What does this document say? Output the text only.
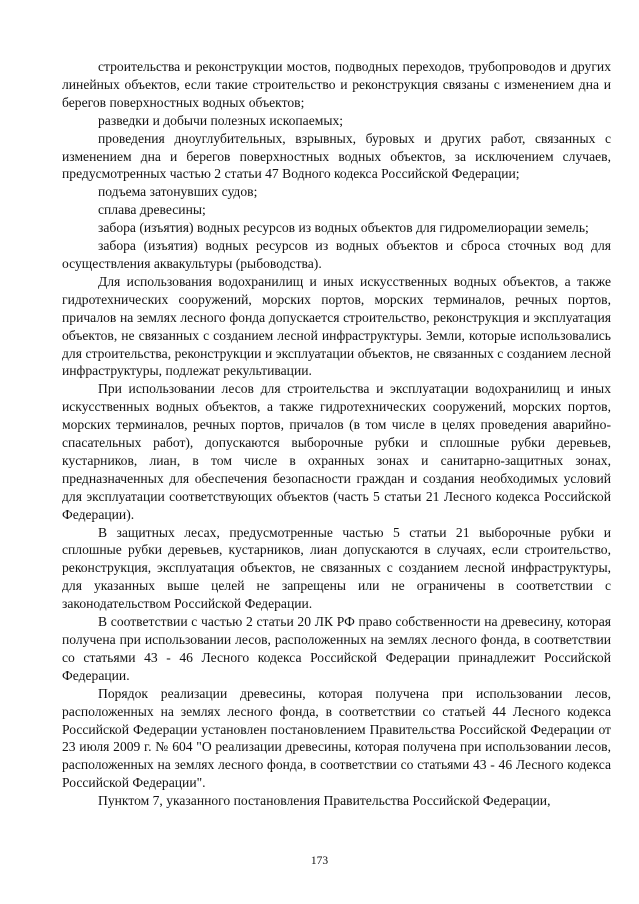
строительства и реконструкции мостов, подводных переходов, трубопроводов и других линейных объектов, если такие строительство и реконструкция связаны с изменением дна и берегов поверхностных водных объектов;

разведки и добычи полезных ископаемых;

проведения дноуглубительных, взрывных, буровых и других работ, связанных с изменением дна и берегов поверхностных водных объектов, за исключением случаев, предусмотренных частью 2 статьи 47 Водного кодекса Российской Федерации;

подъема затонувших судов;

сплава древесины;

забора (изъятия) водных ресурсов из водных объектов для гидромелиорации земель;

забора (изъятия) водных ресурсов из водных объектов и сброса сточных вод для осуществления аквакультуры (рыбоводства).

Для использования водохранилищ и иных искусственных водных объектов, а также гидротехнических сооружений, морских портов, морских терминалов, речных портов, причалов на землях лесного фонда допускается строительство, реконструкция и эксплуатация объектов, не связанных с созданием лесной инфраструктуры. Земли, которые использовались для строительства, реконструкции и эксплуатации объектов, не связанных с созданием лесной инфраструктуры, подлежат рекультивации.

При использовании лесов для строительства и эксплуатации водохранилищ и иных искусственных водных объектов, а также гидротехнических сооружений, морских портов, морских терминалов, речных портов, причалов (в том числе в целях проведения аварийно-спасательных работ), допускаются выборочные рубки и сплошные рубки деревьев, кустарников, лиан, в том числе в охранных зонах и санитарно-защитных зонах, предназначенных для обеспечения безопасности граждан и создания необходимых условий для эксплуатации соответствующих объектов (часть 5 статьи 21 Лесного кодекса Российской Федерации).

В защитных лесах, предусмотренные частью 5 статьи 21 выборочные рубки и сплошные рубки деревьев, кустарников, лиан допускаются в случаях, если строительство, реконструкция, эксплуатация объектов, не связанных с созданием лесной инфраструктуры, для указанных выше целей не запрещены или не ограничены в соответствии с законодательством Российской Федерации.

В соответствии с частью 2 статьи 20 ЛК РФ право собственности на древесину, которая получена при использовании лесов, расположенных на землях лесного фонда, в соответствии со статьями 43 - 46 Лесного кодекса Российской Федерации принадлежит Российской Федерации.

Порядок реализации древесины, которая получена при использовании лесов, расположенных на землях лесного фонда, в соответствии со статьей 44 Лесного кодекса Российской Федерации установлен постановлением Правительства Российской Федерации от 23 июля 2009 г. № 604 "О реализации древесины, которая получена при использовании лесов, расположенных на землях лесного фонда, в соответствии со статьями 43 - 46 Лесного кодекса Российской Федерации".

Пунктом 7, указанного постановления Правительства Российской Федерации,

173
